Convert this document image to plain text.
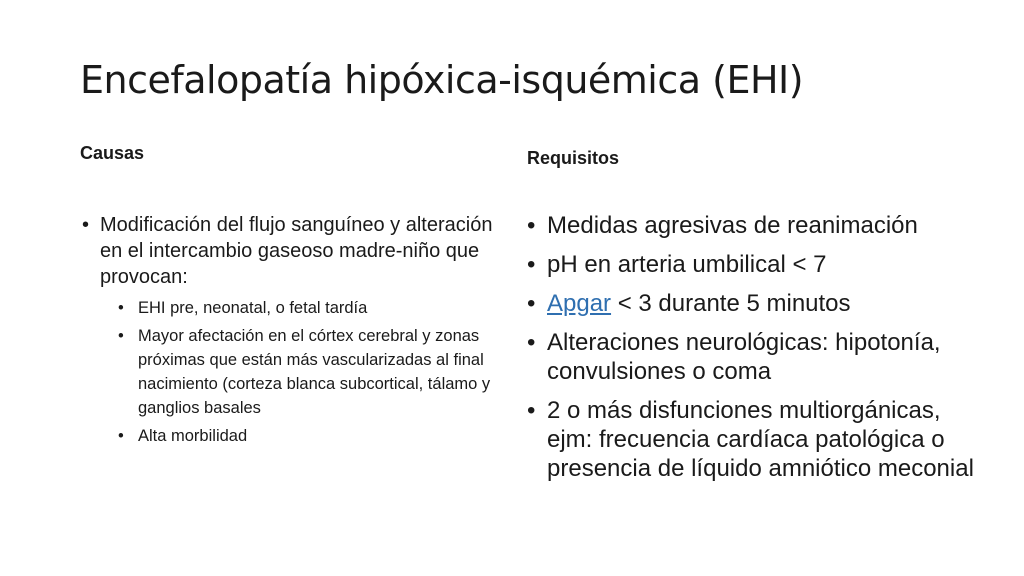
Encefalopatía hipóxica-isquémica (EHI)
Causas	Requisitos
• Modificación del flujo sanguíneo y alteración en el intercambio gaseoso madre-niño que provocan:
• EHI pre, neonatal, o fetal tardía
• Mayor afectación en el córtex cerebral y zonas próximas que están más vascularizadas al final nacimiento (corteza blanca subcortical, tálamo y ganglios basales
• Alta morbilidad
• Medidas agresivas de reanimación
• pH en arteria umbilical < 7
• Apgar < 3 durante 5 minutos
• Alteraciones neurológicas: hipotonía, convulsiones o coma
• 2 o más disfunciones multiorgánicas, ejm: frecuencia cardíaca patológica o presencia de líquido amniótico meconial
